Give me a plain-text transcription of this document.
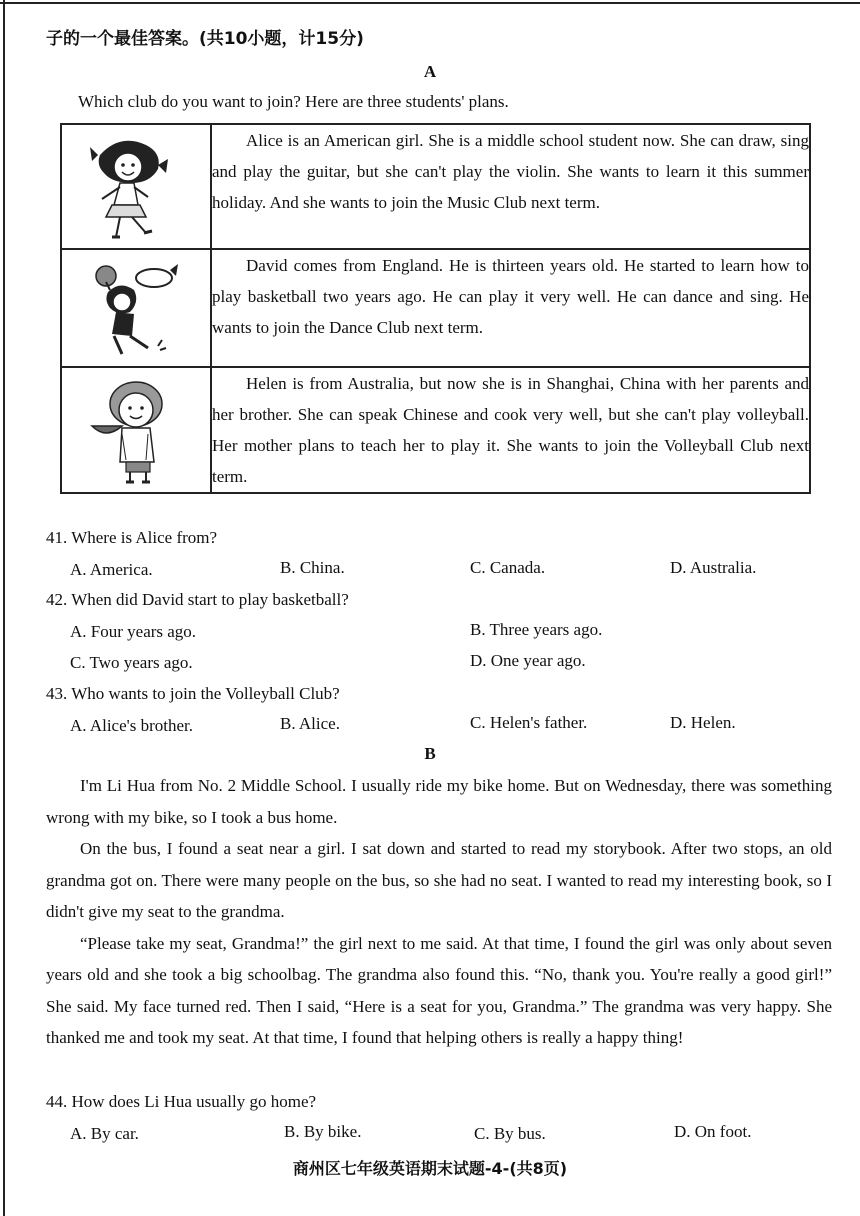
子的一个最佳答案。(共10小题，计15分)
A
Which club do you want to join? Here are three students' plans.

Alice is an American girl. She is a middle school student now. She can draw, sing and play the guitar, but she can't play the violin. She wants to learn it this summer holiday. And she wants to join the Music Club next term.

David comes from England. He is thirteen years old. He started to learn how to play basketball two years ago. He can play it very well. He can dance and sing. He wants to join the Dance Club next term.

Helen is from Australia, but now she is in Shanghai, China with her parents and her brother. She can speak Chinese and cook very well, but she can't play volleyball. Her mother plans to teach her to play it. She wants to join the Volleyball Club next term.

41. Where is Alice from?
A. America.	B. China.	C. Canada.	D. Australia.
42. When did David start to play basketball?
A. Four years ago.	B. Three years ago.
C. Two years ago.	D. One year ago.
43. Who wants to join the Volleyball Club?
A. Alice's brother.	B. Alice.	C. Helen's father.	D. Helen.
B

I'm Li Hua from No. 2 Middle School. I usually ride my bike home. But on Wednesday, there was something wrong with my bike, so I took a bus home.

On the bus, I found a seat near a girl. I sat down and started to read my storybook. After two stops, an old grandma got on. There were many people on the bus, so she had no seat. I wanted to read my interesting book, so I didn't give my seat to the grandma.

“Please take my seat, Grandma!” the girl next to me said. At that time, I found the girl was only about seven years old and she took a big schoolbag. The grandma also found this. “No, thank you. You're really a good girl!” She said. My face turned red. Then I said, “Here is a seat for you, Grandma.” The grandma was very happy. She thanked me and took my seat. At that time, I found that helping others is really a happy thing!

44. How does Li Hua usually go home?
A. By car.	B. By bike.	C. By bus.	D. On foot.
商州区七年级英语期末试题-4-(共8页)
